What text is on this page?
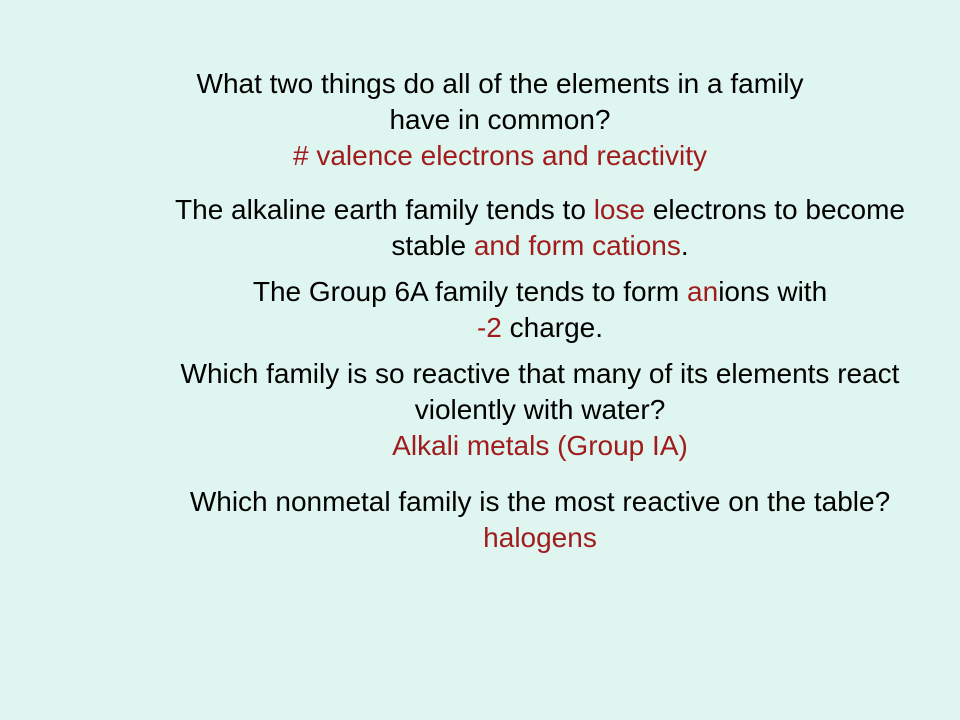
What two things do all of the elements in a family
have in common?
# valence electrons and reactivity

The alkaline earth family tends to lose electrons to become stable and form cations.

The Group 6A family tends to form anions with
-2 charge.

Which family is so reactive that many of its elements react violently with water?
Alkali metals (Group IA)

Which nonmetal family is the most reactive on the table?
halogens
